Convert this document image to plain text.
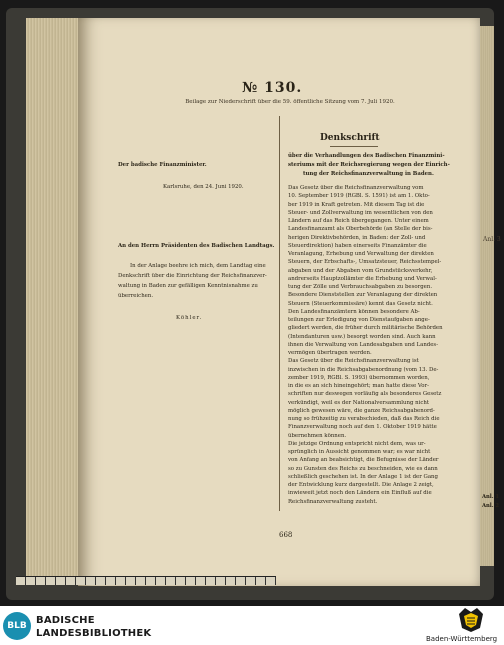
Anl. 3
№ 130.
Beilage zur Niederschrift über die 59. öffentliche Sitzung vom 7. Juli 1920.
Der badische Finanzminister.
Karlsruhe, den 24. Juni 1920.
An den Herrn Präsidenten des Badischen Landtags.
In der Anlage beehre ich mich, dem Landtag eine
Denkschrift über die Einrichtung der Reichsfinanzver-
waltung in Baden zur gefälligen Kenntnisnahme zu
überreichen.
Köhler.
Denkschrift
über die Verhandlungen des Badischen Finanzmini-
steriums mit der Reichsregierung wegen der Einrich-
tung der Reichsfinanzverwaltung in Baden.
Das Gesetz über die Reichsfinanzverwaltung vom
10. September 1919 (RGBl. S. 1591) ist am 1. Okto-
ber 1919 in Kraft getreten. Mit diesem Tag ist die
Steuer- und Zollverwaltung im wesentlichen von den
Ländern auf das Reich übergegangen. Unter einem
Landesfinanzamt als Oberbehörde (an Stelle der bis-
herigen Direktivbehörden, in Baden: der Zoll- und
Steuerdirektion) haben einerseits Finanzämter die
Veranlagung, Erhebung und Verwaltung der direkten
Steuern, der Erbschafts-, Umsatzsteuer, Reichsstempel-
abgaben und der Abgaben vom Grundstücksverkehr,
andrerseits Hauptzollämter die Erhebung und Verwal-
tung der Zölle und Verbrauchsabgaben zu besorgen.
Besondere Dienststellen zur Veranlagung der direkten
Steuern (Steuerkommissäre) kennt das Gesetz nicht.
Den Landesfinanzämtern können besondere Ab-
teilungen zur Erledigung von Dienstaufgaben ange-
gliedert werden, die früher durch militärische Behörden
(Intendanturen usw.) besorgt worden sind. Auch kann
ihnen die Verwaltung von Landesabgaben und Landes-
vermögen übertragen werden.
Das Gesetz über die Reichsfinanzverwaltung ist
inzwischen in die Reichsabgabenordnung (vom 13. De-
zember 1919, RGBl. S. 1993) übernommen worden,
in die es an sich hineingehört; man hatte diese Vor-
schriften nur deswegen vorläufig als besonderes Gesetz
verkündigt, weil es der Nationalversammlung nicht
möglich gewesen wäre, die ganze Reichsabgabenord-
nung so frühzeitig zu verabschieden, daß das Reich die
Finanzverwaltung noch auf den 1. Oktober 1919 hätte
übernehmen können.
Die jetzige Ordnung entspricht nicht dem, was ur-
sprünglich in Aussicht genommen war; es war nicht
von Anfang an beabsichtigt, die Befugnisse der Länder
so zu Gunsten des Reichs zu beschneiden, wie es dann
schließlich geschehen ist. In der Anlage 1 ist der Gang
der Entwicklung kurz dargestellt. Die Anlage 2 zeigt,
inwieweit jetzt noch den Ländern ein Einfluß auf die
Reichsfinanzverwaltung zusteht.
Anl. 1
Anl. 2
668
BLB BADISCHE
LANDESBIBLIOTHEK	Baden-Württemberg
